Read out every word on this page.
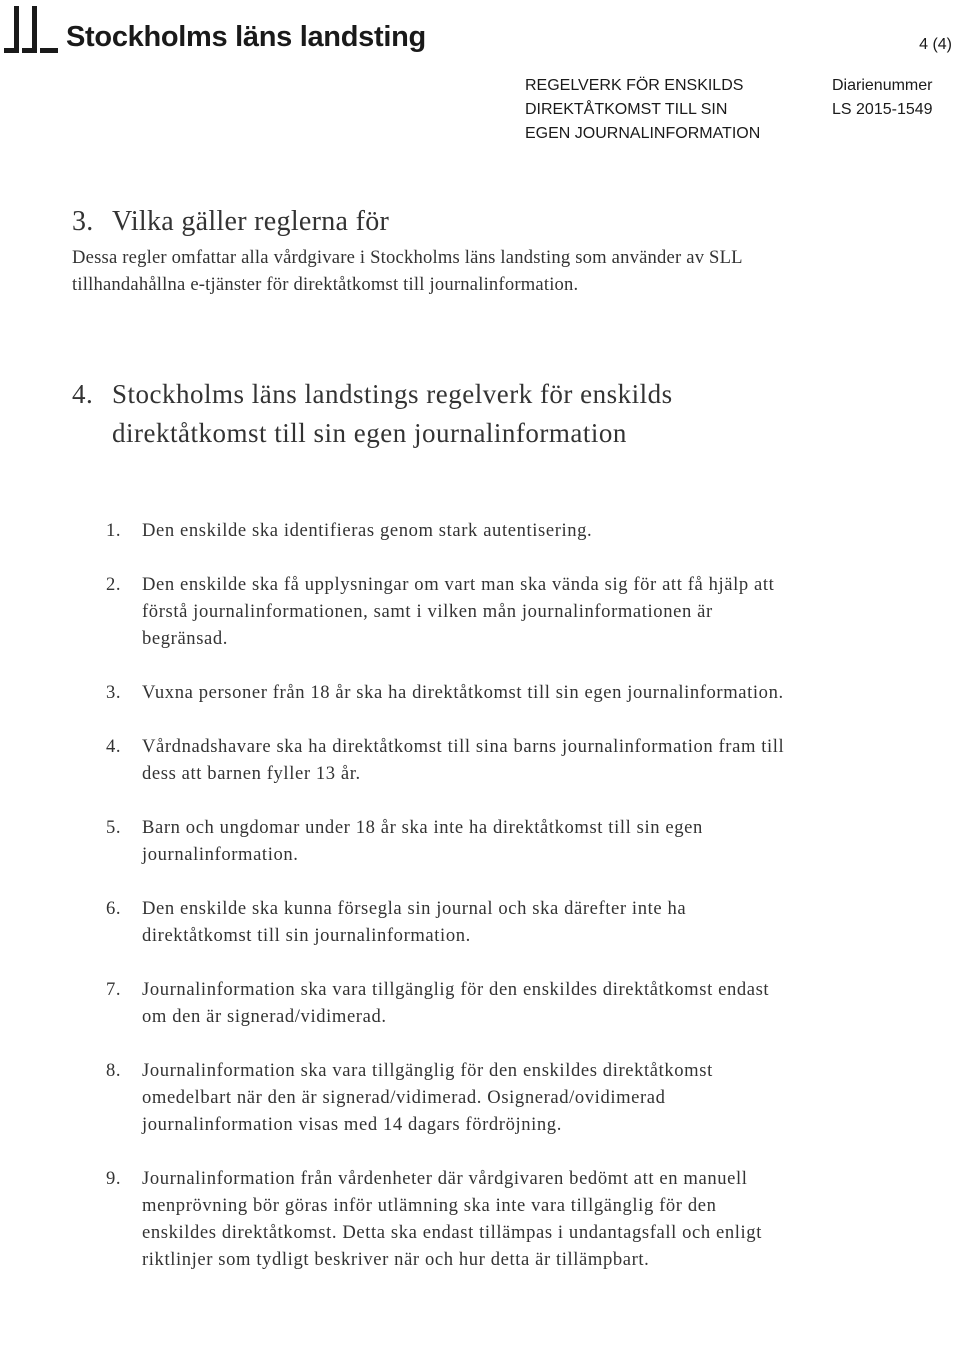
Stockholms läns landsting	4 (4)
REGELVERK FÖR ENSKILDS
DIREKTÅTKOMST TILL SIN
EGEN JOURNALINFORMATION
Diarienummer
LS 2015-1549
3. Vilka gäller reglerna för
Dessa regler omfattar alla vårdgivare i Stockholms läns landsting som använder av SLL tillhandahållna e-tjänster för direktåtkomst till journalinformation.
4. Stockholms läns landstings regelverk för enskilds direktåtkomst till sin egen journalinformation
1. Den enskilde ska identifieras genom stark autentisering.
2. Den enskilde ska få upplysningar om vart man ska vända sig för att få hjälp att förstå journalinformationen, samt i vilken mån journalinformationen är begränsad.
3. Vuxna personer från 18 år ska ha direktåtkomst till sin egen journalinformation.
4. Vårdnadshavare ska ha direktåtkomst till sina barns journalinformation fram till dess att barnen fyller 13 år.
5. Barn och ungdomar under 18 år ska inte ha direktåtkomst till sin egen journalinformation.
6. Den enskilde ska kunna försegla sin journal och ska därefter inte ha direktåtkomst till sin journalinformation.
7. Journalinformation ska vara tillgänglig för den enskildes direktåtkomst endast om den är signerad/vidimerad.
8. Journalinformation ska vara tillgänglig för den enskildes direktåtkomst omedelbart när den är signerad/vidimerad. Osignerad/ovidimerad journalinformation visas med 14 dagars fördröjning.
9. Journalinformation från vårdenheter där vårdgivaren bedömt att en manuell menprövning bör göras inför utlämning ska inte vara tillgänglig för den enskildes direktåtkomst. Detta ska endast tillämpas i undantagsfall och enligt riktlinjer som tydligt beskriver när och hur detta är tillämpbart.
